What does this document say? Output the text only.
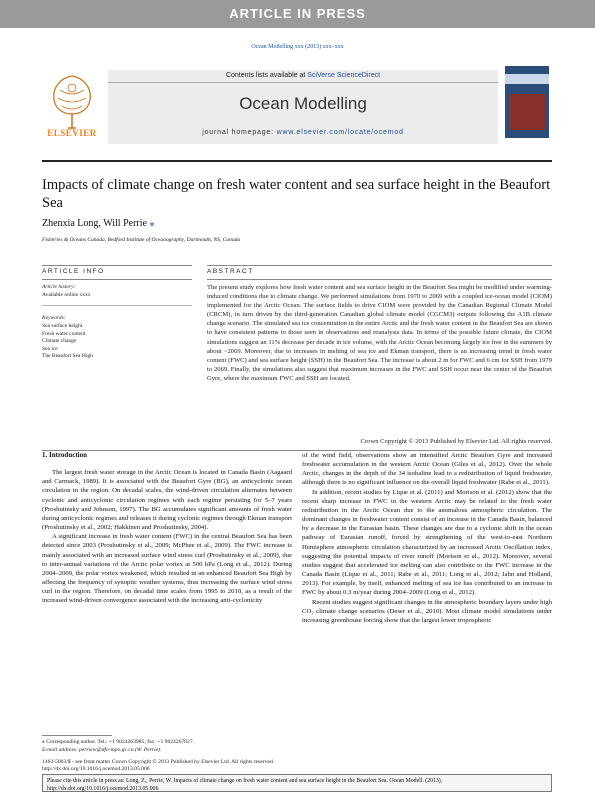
ARTICLE IN PRESS
Ocean Modelling xxx (2013) xxx–xxx
ELSEVIER
Contents lists available at SciVerse ScienceDirect
Ocean Modelling
journal homepage: www.elsevier.com/locate/ocemod
Impacts of climate change on fresh water content and sea surface height in the Beaufort Sea
Zhenxia Long, Will Perrie ⁎
Fisheries & Oceans Canada, Bedford Institute of Oceanography, Dartmouth, NS, Canada
ARTICLE INFO
Article history:
Available online xxxx
Keywords:
Sea surface height
Fresh water content
Climate change
Sea ice
The Beaufort Sea High
ABSTRACT
The present study explores how fresh water content and sea surface height in the Beaufort Sea might be modified under warming-induced conditions due to climate change. We performed simulations from 1970 to 2069 with a coupled ice-ocean model (CIOM) implemented for the Arctic Ocean. The surface fields to drive CIOM were provided by the Canadian Regional Climate Model (CRCM), in turn driven by the third-generation Canadian global climate model (CGCM3) outputs following the A1B climate change scenario. The simulated sea ice concentration in the entire Arctic and the fresh water content in the Beaufort Sea are shown to have consistent patterns to those seen in observations and reanalysis data. In terms of the possible future climate, the CIOM simulations suggest an 11% decrease per decade in ice volume, with the Arctic Ocean becoming largely ice free in the summers by about ~2069. Moreover, due to increases in melting of sea ice and Ekman transport, there is an increasing trend in fresh water content (FWC) and sea surface height (SSH) in the Beaufort Sea. The increase is about 2 m for FWC and 6 cm for SSH from 1979 to 2069. Finally, the simulations also suggest that maximum increases in the FWC and SSH occur near the center of the Beaufort Gyre, where the maximum FWC and SSH are located.
Crown Copyright © 2013 Published by Elsevier Ltd. All rights reserved.

1. Introduction

The largest fresh water storage in the Arctic Ocean is located in Canada Basin (Aagaard and Carmack, 1989). It is associated with the Beaufort Gyre (BG), an anticyclonic ocean circulation in the region. On decadal scales, the wind-driven circulation alternates between cyclonic and anticyclonic circulation regimes with each regime persisting for 5–7 years (Proshutinsky and Johnson, 1997). The BG accumulates significant amounts of fresh water during anticyclonic regimes and releases it during cyclonic regimes through Ekman transport (Proshutinsky et al., 2002; Hakkinen and Proshutinsky, 2004).

A significant increase in fresh water content (FWC) in the central Beaufort Sea has been detected since 2003 (Proshutinsky et al., 2009; McPhee et al., 2009). The FWC increase is mainly associated with an increased surface wind stress curl (Proshutinsky et al., 2009), due to inter-annual variations of the Arctic polar vortex at 500 hPa (Long et al., 2012). During 2004–2009, the polar vortex weakened, which resulted in an enhanced Beaufort Sea High by affecting the frequency of synoptic weather systems, thus increasing the surface wind stress curl in the region. Therefore, on decadal time scales from 1995 to 2010, as a result of the increased wind-driven convergence associated with the increasing anti-cyclonicity

of the wind field, observations show an intensified Arctic Beaufort Gyre and increased freshwater accumulation in the western Arctic Ocean (Giles et al., 2012). Over the whole Arctic, changes in the depth of the 34 isohaline lead to a redistribution of liquid freshwater, although there is no significant influence on the overall liquid freshwater (Rabe et al., 2011).

In addition, recent studies by Lique et al. (2011) and Morison et al. (2012) show that the recent sharp increase in FWC in the western Arctic may be related to the fresh water redistribution in the Arctic Ocean due to the anomalous atmospheric circulation. The dominant changes in freshwater content consist of an increase in the Canada Basin, balanced by a decrease in the Eurasian basin. These changes are due to a cyclonic shift in the ocean pathway of Eurasian runoff, forced by strengthening of the west-to-east Northern Hemisphere atmospheric circulation characterized by an increased Arctic Oscillation index, suggesting the potential impacts of river runoff (Morison et al., 2012). Moreover, several studies suggest that accelerated ice melting can also contribute to the FWC increase in the Canada Basin (Lique et al., 2011; Rabe et al., 2011; Long et al., 2012; Jahn and Holland, 2013). For example, by itself, enhanced melting of sea ice has contributed to an increase in FWC by about 0.3 m/year during 2004–2009 (Long et al., 2012).

Recent studies suggest significant changes in the atmospheric boundary layers under high CO₂ climate change scenarios (Deser et al., 2010). Most climate model simulations under increasing greenhouse forcing show that the largest lower tropospheric

⁎ Corresponding author. Tel.: +1 9024263985; fax: +1 9024267827.
E-mail address: perriew@dfo-mpo.gc.ca (W. Perrie).
1463-5003/$ - see front matter Crown Copyright © 2013 Published by Elsevier Ltd. All rights reserved.
http://dx.doi.org/10.1016/j.ocemod.2013.05.006
Please cite this article in press as: Long, Z., Perrie, W. Impacts of climate change on fresh water content and sea surface height in the Beaufort Sea. Ocean Modell. (2013), http://dx.doi.org/10.1016/j.ocemod.2013.05.006
